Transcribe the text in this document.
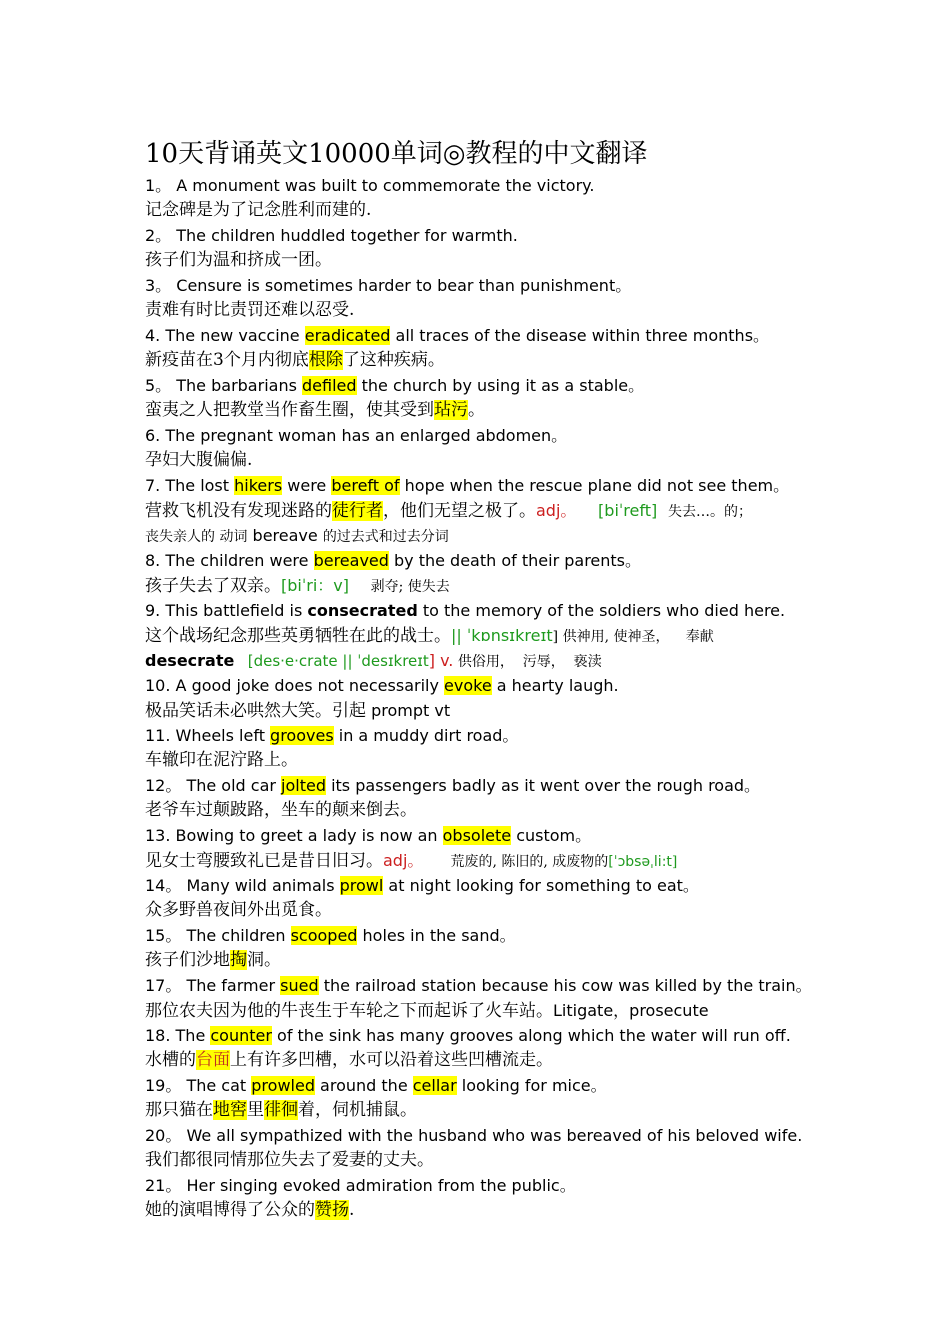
10天背诵英文10000单词◎教程的中文翻译
1。 A monument was built to commemorate the victory.
记念碑是为了记念胜利而建的.
2。 The children huddled together for warmth.
孩子们为温和挤成一团。
3。 Censure is sometimes harder to bear than punishment。
责难有时比责罚还难以忍受.
4. The new vaccine eradicated all traces of the disease within three months。
新疫苗在3个月内彻底根除了这种疾病。
5。 The barbarians defiled the church by using it as a stable。
蛮夷之人把教堂当作畜生圈，使其受到玷污。
6. The pregnant woman has an enlarged abdomen。
孕妇大腹偏偏.
7. The lost hikers were bereft of hope when the rescue plane did not see them。
营救飞机没有发现迷路的徒行者，他们无望之极了。adj。 [biˈreft] 失去…。的；
丧失亲人的 动词 bereave 的过去式和过去分词
8. The children were bereaved by the death of their parents。
孩子失去了双亲。[biˈri：v] 剥夺; 使失去
9. This battlefield is consecrated to the memory of the soldiers who died here.
这个战场纪念那些英勇牺牲在此的战士。|| ˈkɒnsɪkreɪt] 供神用, 使神圣， 奉献
desecrate [des·e·crate || ˈdesɪkreɪt] v. 供俗用， 污辱， 亵渎
10. A good joke does not necessarily evoke a hearty laugh.
极品笑话未必哄然大笑。引起 prompt vt
11. Wheels left grooves in a muddy dirt road。
车辙印在泥泞路上。
12。 The old car jolted its passengers badly as it went over the rough road。
老爷车过颠跛路，坐车的颠来倒去。
13. Bowing to greet a lady is now an obsolete custom。
见女士弯腰致礼已是昔日旧习。adj。 荒废的, 陈旧的, 成废物的[ˈɔbsəˌli:t]
14。 Many wild animals prowl at night looking for something to eat。
众多野兽夜间外出觅食。
15。 The children scooped holes in the sand。
孩子们沙地掏洞。
17。 The farmer sued the railroad station because his cow was killed by the train。
那位农夫因为他的牛丧生于车轮之下而起诉了火车站。Litigate，prosecute
18. The counter of the sink has many grooves along which the water will run off.
水槽的台面上有许多凹槽，水可以沿着这些凹槽流走。
19。 The cat prowled around the cellar looking for mice。
那只猫在地窖里徘徊着，伺机捕鼠。
20。 We all sympathized with the husband who was bereaved of his beloved wife.
我们都很同情那位失去了爱妻的丈夫。
21。 Her singing evoked admiration from the public。
她的演唱博得了公众的赞扬.
